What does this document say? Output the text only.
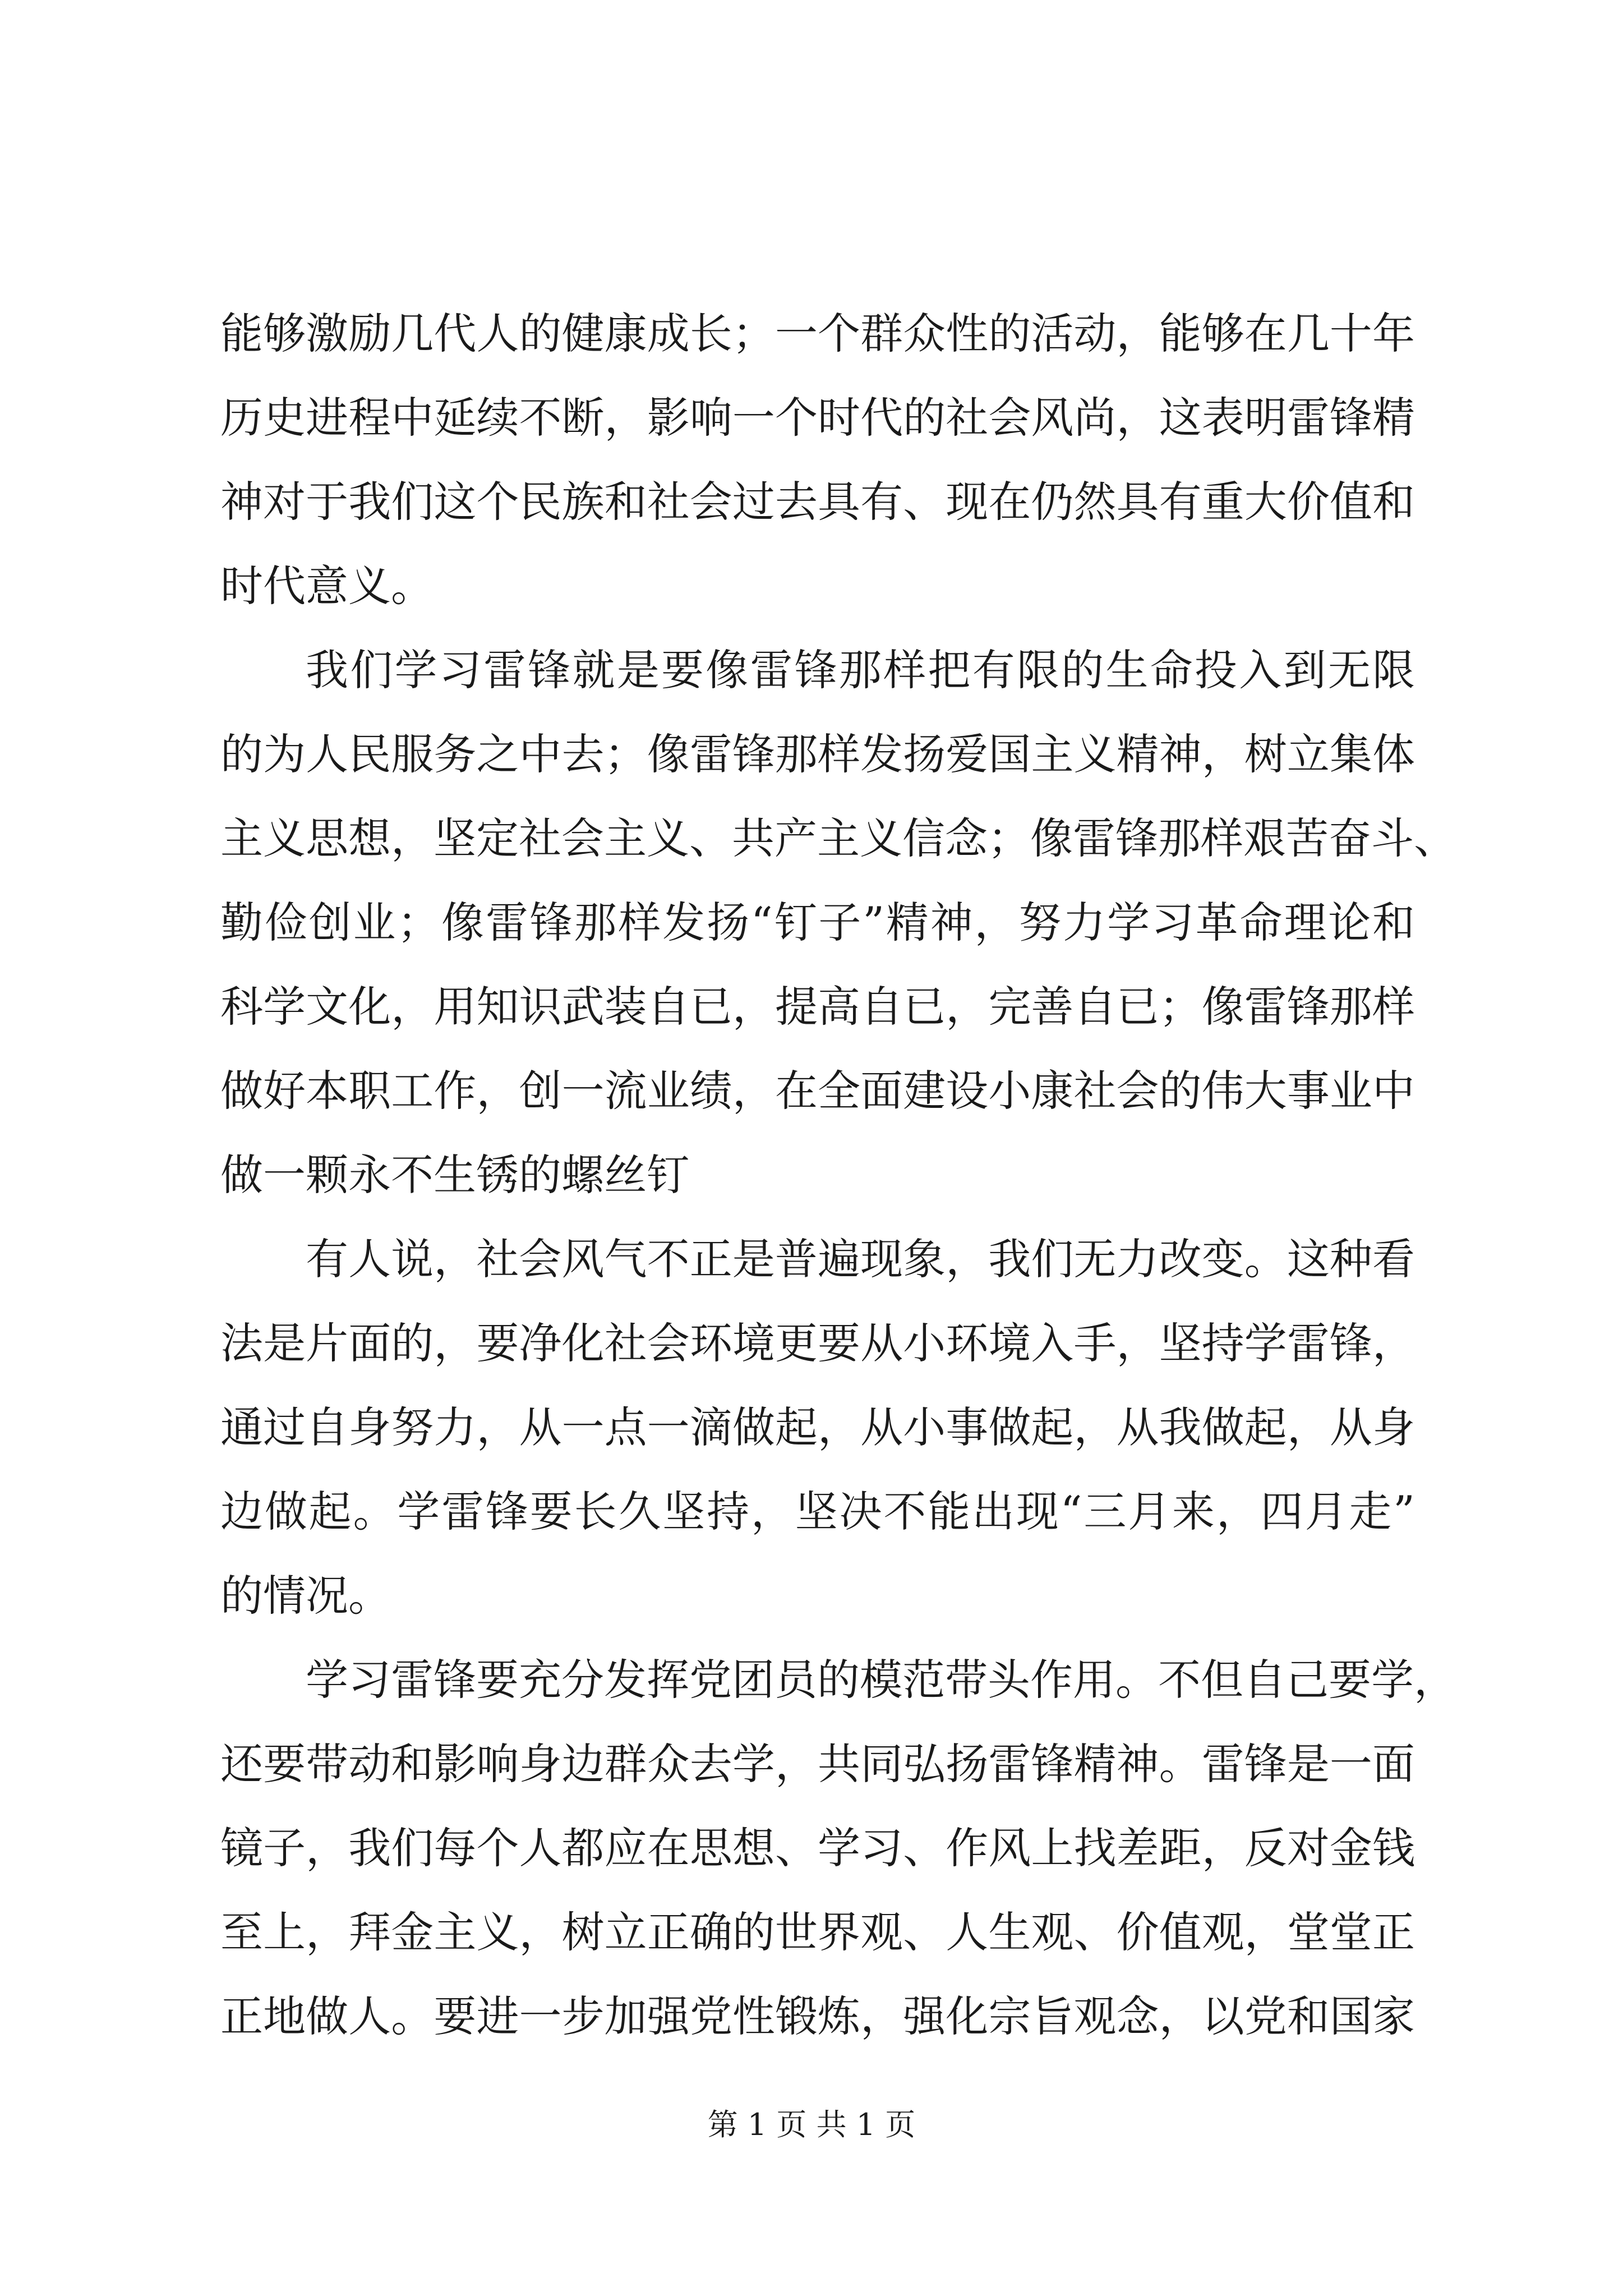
能够激励几代人的健康成长；一个群众性的活动，能够在几十年
历史进程中延续不断，影响一个时代的社会风尚，这表明雷锋精
神对于我们这个民族和社会过去具有、现在仍然具有重大价值和
时代意义。
我们学习雷锋就是要像雷锋那样把有限的生命投入到无限
的为人民服务之中去；像雷锋那样发扬爱国主义精神，树立集体
主义思想，坚定社会主义、共产主义信念；像雷锋那样艰苦奋斗、
勤俭创业；像雷锋那样发扬“钉子”精神，努力学习革命理论和
科学文化，用知识武装自已，提高自已，完善自已；像雷锋那样
做好本职工作，创一流业绩，在全面建设小康社会的伟大事业中
做一颗永不生锈的螺丝钉
有人说，社会风气不正是普遍现象，我们无力改变。这种看
法是片面的，要净化社会环境更要从小环境入手，坚持学雷锋，
通过自身努力，从一点一滴做起，从小事做起，从我做起，从身
边做起。学雷锋要长久坚持，坚决不能出现“三月来，四月走”
的情况。
学习雷锋要充分发挥党团员的模范带头作用。不但自己要学，
还要带动和影响身边群众去学，共同弘扬雷锋精神。雷锋是一面
镜子，我们每个人都应在思想、学习、作风上找差距，反对金钱
至上，拜金主义，树立正确的世界观、人生观、价值观，堂堂正
正地做人。要进一步加强党性锻炼，强化宗旨观念，以党和国家
第 1 页 共 1 页
